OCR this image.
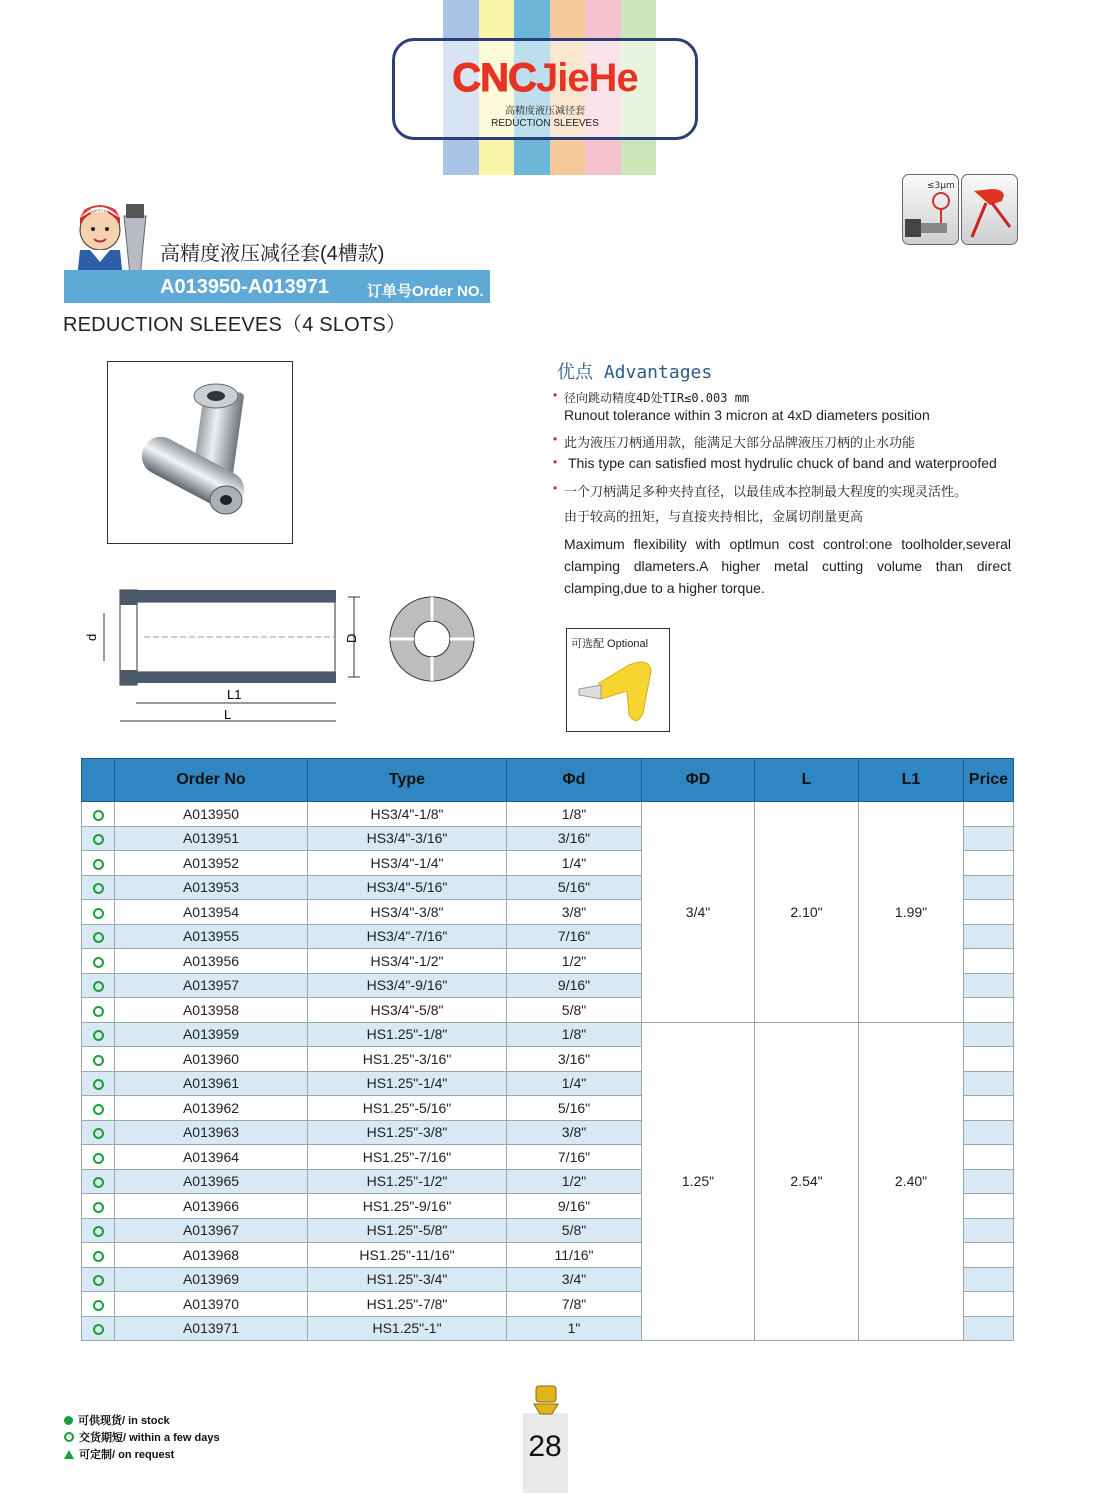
CNCJieHe
高精度液压减径套
REDUCTION SLEEVES
JieHe
高精度液压减径套(4槽款)
A013950-A013971	订单号Order NO.
REDUCTION SLEEVES（4 SLOTS）
≤3μm
D
d
L1
L
优点 Advantages
• 径向跳动精度4D处TIR≤0.003 mm
Runout tolerance within 3 micron at 4xD diameters position
• 此为液压刀柄通用款，能满足大部分品牌液压刀柄的止水功能
• This type can satisfied most hydrulic chuck of band and waterproofed
• 一个刀柄满足多种夹持直径，以最佳成本控制最大程度的实现灵活性。
由于较高的扭矩，与直接夹持相比，金属切削量更高
Maximum flexibility with optlmun cost control:one toolholder,several clamping dlameters.A higher metal cutting volume than direct clamping,due to a higher torque.
可选配 Optional
	Order No	Type	Φd	ΦD	L	L1	Price
	A013950	HS3/4"-1/8"	1/8"	3/4"	2.10"	1.99"	
	A013951	HS3/4"-3/16"	3/16"				
	A013952	HS3/4"-1/4"	1/4"				
	A013953	HS3/4"-5/16"	5/16"				
	A013954	HS3/4"-3/8"	3/8"				
	A013955	HS3/4"-7/16"	7/16"				
	A013956	HS3/4"-1/2"	1/2"				
	A013957	HS3/4"-9/16"	9/16"				
	A013958	HS3/4"-5/8"	5/8"				
	A013959	HS1.25"-1/8"	1/8"	1.25"	2.54"	2.40"	
	A013960	HS1.25"-3/16"	3/16"				
	A013961	HS1.25"-1/4"	1/4"				
	A013962	HS1.25"-5/16"	5/16"				
	A013963	HS1.25"-3/8"	3/8"				
	A013964	HS1.25"-7/16"	7/16"				
	A013965	HS1.25"-1/2"	1/2"				
	A013966	HS1.25"-9/16"	9/16"				
	A013967	HS1.25"-5/8"	5/8"				
	A013968	HS1.25"-11/16"	11/16"				
	A013969	HS1.25"-3/4"	3/4"				
	A013970	HS1.25"-7/8"	7/8"				
	A013971	HS1.25"-1"	1"				
可供现货/ in stock
交货期短/ within a few days
可定制/ on request	28
